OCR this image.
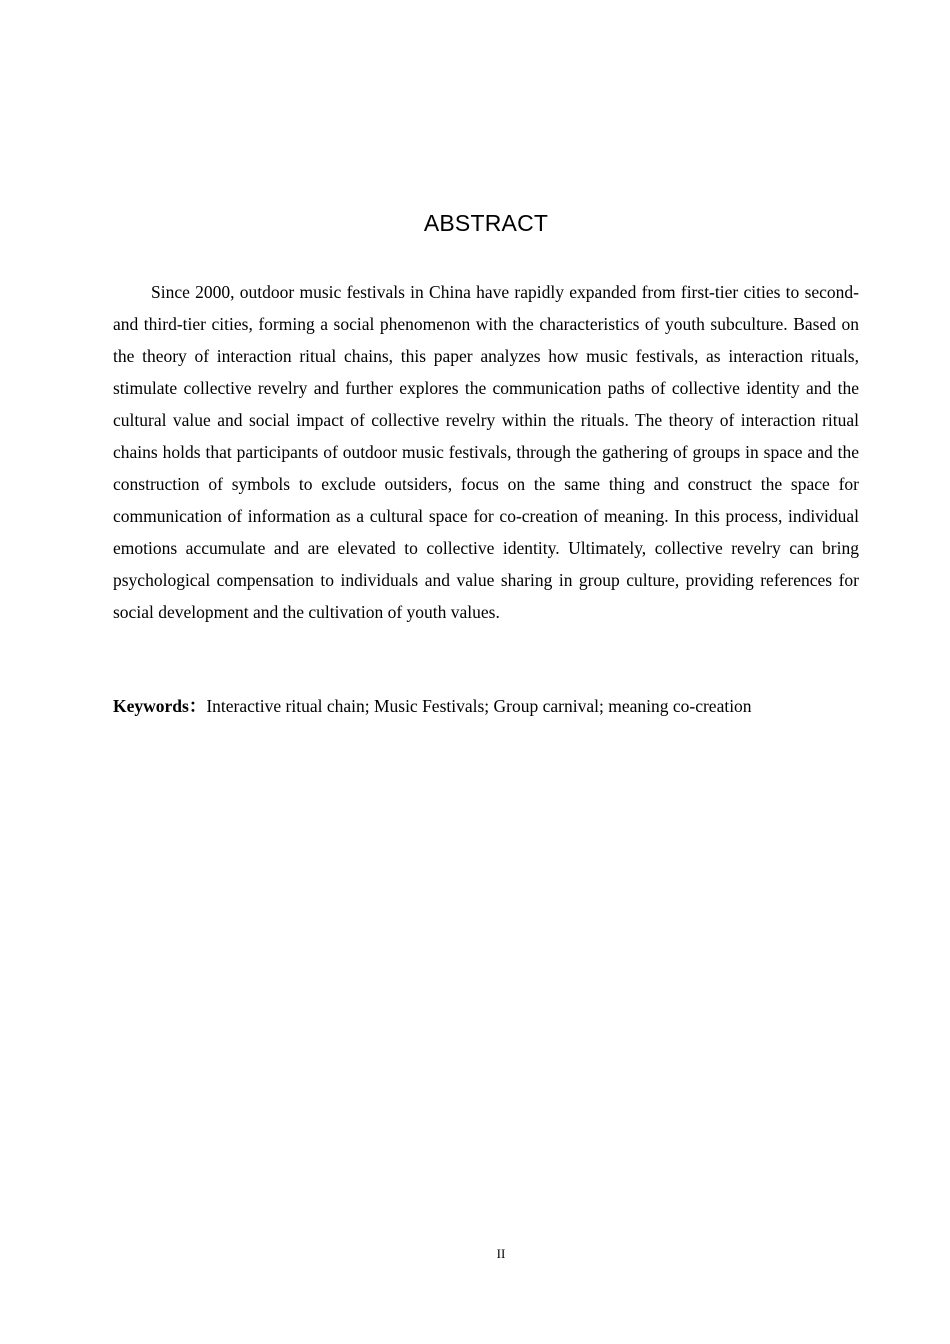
ABSTRACT

Since 2000, outdoor music festivals in China have rapidly expanded from first-tier cities to second- and third-tier cities, forming a social phenomenon with the characteristics of youth subculture. Based on the theory of interaction ritual chains, this paper analyzes how music festivals, as interaction rituals, stimulate collective revelry and further explores the communication paths of collective identity and the cultural value and social impact of collective revelry within the rituals. The theory of interaction ritual chains holds that participants of outdoor music festivals, through the gathering of groups in space and the construction of symbols to exclude outsiders, focus on the same thing and construct the space for communication of information as a cultural space for co-creation of meaning. In this process, individual emotions accumulate and are elevated to collective identity. Ultimately, collective revelry can bring psychological compensation to individuals and value sharing in group culture, providing references for social development and the cultivation of youth values.

Keywords：Interactive ritual chain; Music Festivals; Group carnival; meaning co-creation

II
